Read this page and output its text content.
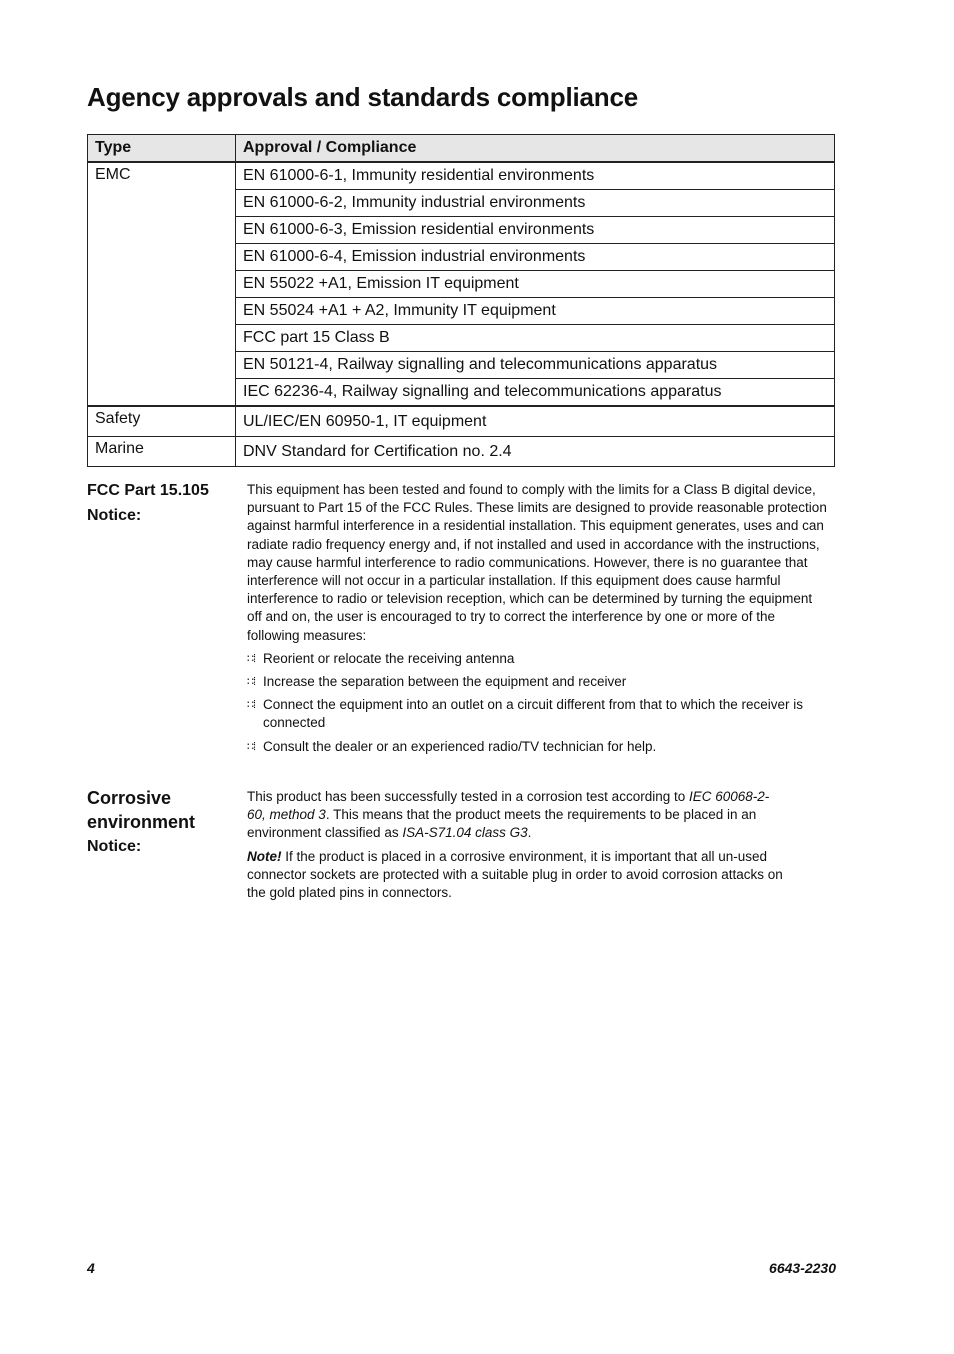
Agency approvals and standards compliance
Type	Approval / Compliance
EMC	EN 61000-6-1, Immunity residential environments
	EN 61000-6-2, Immunity industrial environments
	EN 61000-6-3, Emission residential environments
	EN 61000-6-4, Emission industrial environments
	EN 55022 +A1, Emission IT equipment
	EN 55024 +A1 + A2, Immunity IT equipment
	FCC part 15 Class B
	EN 50121-4, Railway signalling and telecommunications apparatus
	IEC 62236-4, Railway signalling and telecommunications apparatus
Safety	UL/IEC/EN 60950-1, IT equipment
Marine	DNV Standard for Certification no. 2.4
FCC Part 15.105
Notice:

This equipment has been tested and found to comply with the limits for a Class B digital device, pursuant to Part 15 of the FCC Rules. These limits are designed to provide reasonable protection against harmful interference in a residential installation. This equipment generates, uses and can radiate radio frequency energy and, if not installed and used in accordance with the instructions, may cause harmful interference to radio communications. However, there is no guarantee that interference will not occur in a particular installation. If this equipment does cause harmful interference to radio or television reception, which can be determined by turning the equipment off and on, the user is encouraged to try to correct the interference by one or more of the following measures:

∷⁞ Reorient or relocate the receiving antenna
∷⁞ Increase the separation between the equipment and receiver
∷⁞ Connect the equipment into an outlet on a circuit different from that to which the receiver is connected
∷⁞ Consult the dealer or an experienced radio/TV technician for help.
Corrosive
environment
Notice:

This product has been successfully tested in a corrosion test according to IEC 60068-2-60, method 3. This means that the product meets the requirements to be placed in an environment classified as ISA-S71.04 class G3.

Note! If the product is placed in a corrosive environment, it is important that all un-used connector sockets are protected with a suitable plug in order to avoid corrosion attacks on the gold plated pins in connectors.

4	6643-2230
